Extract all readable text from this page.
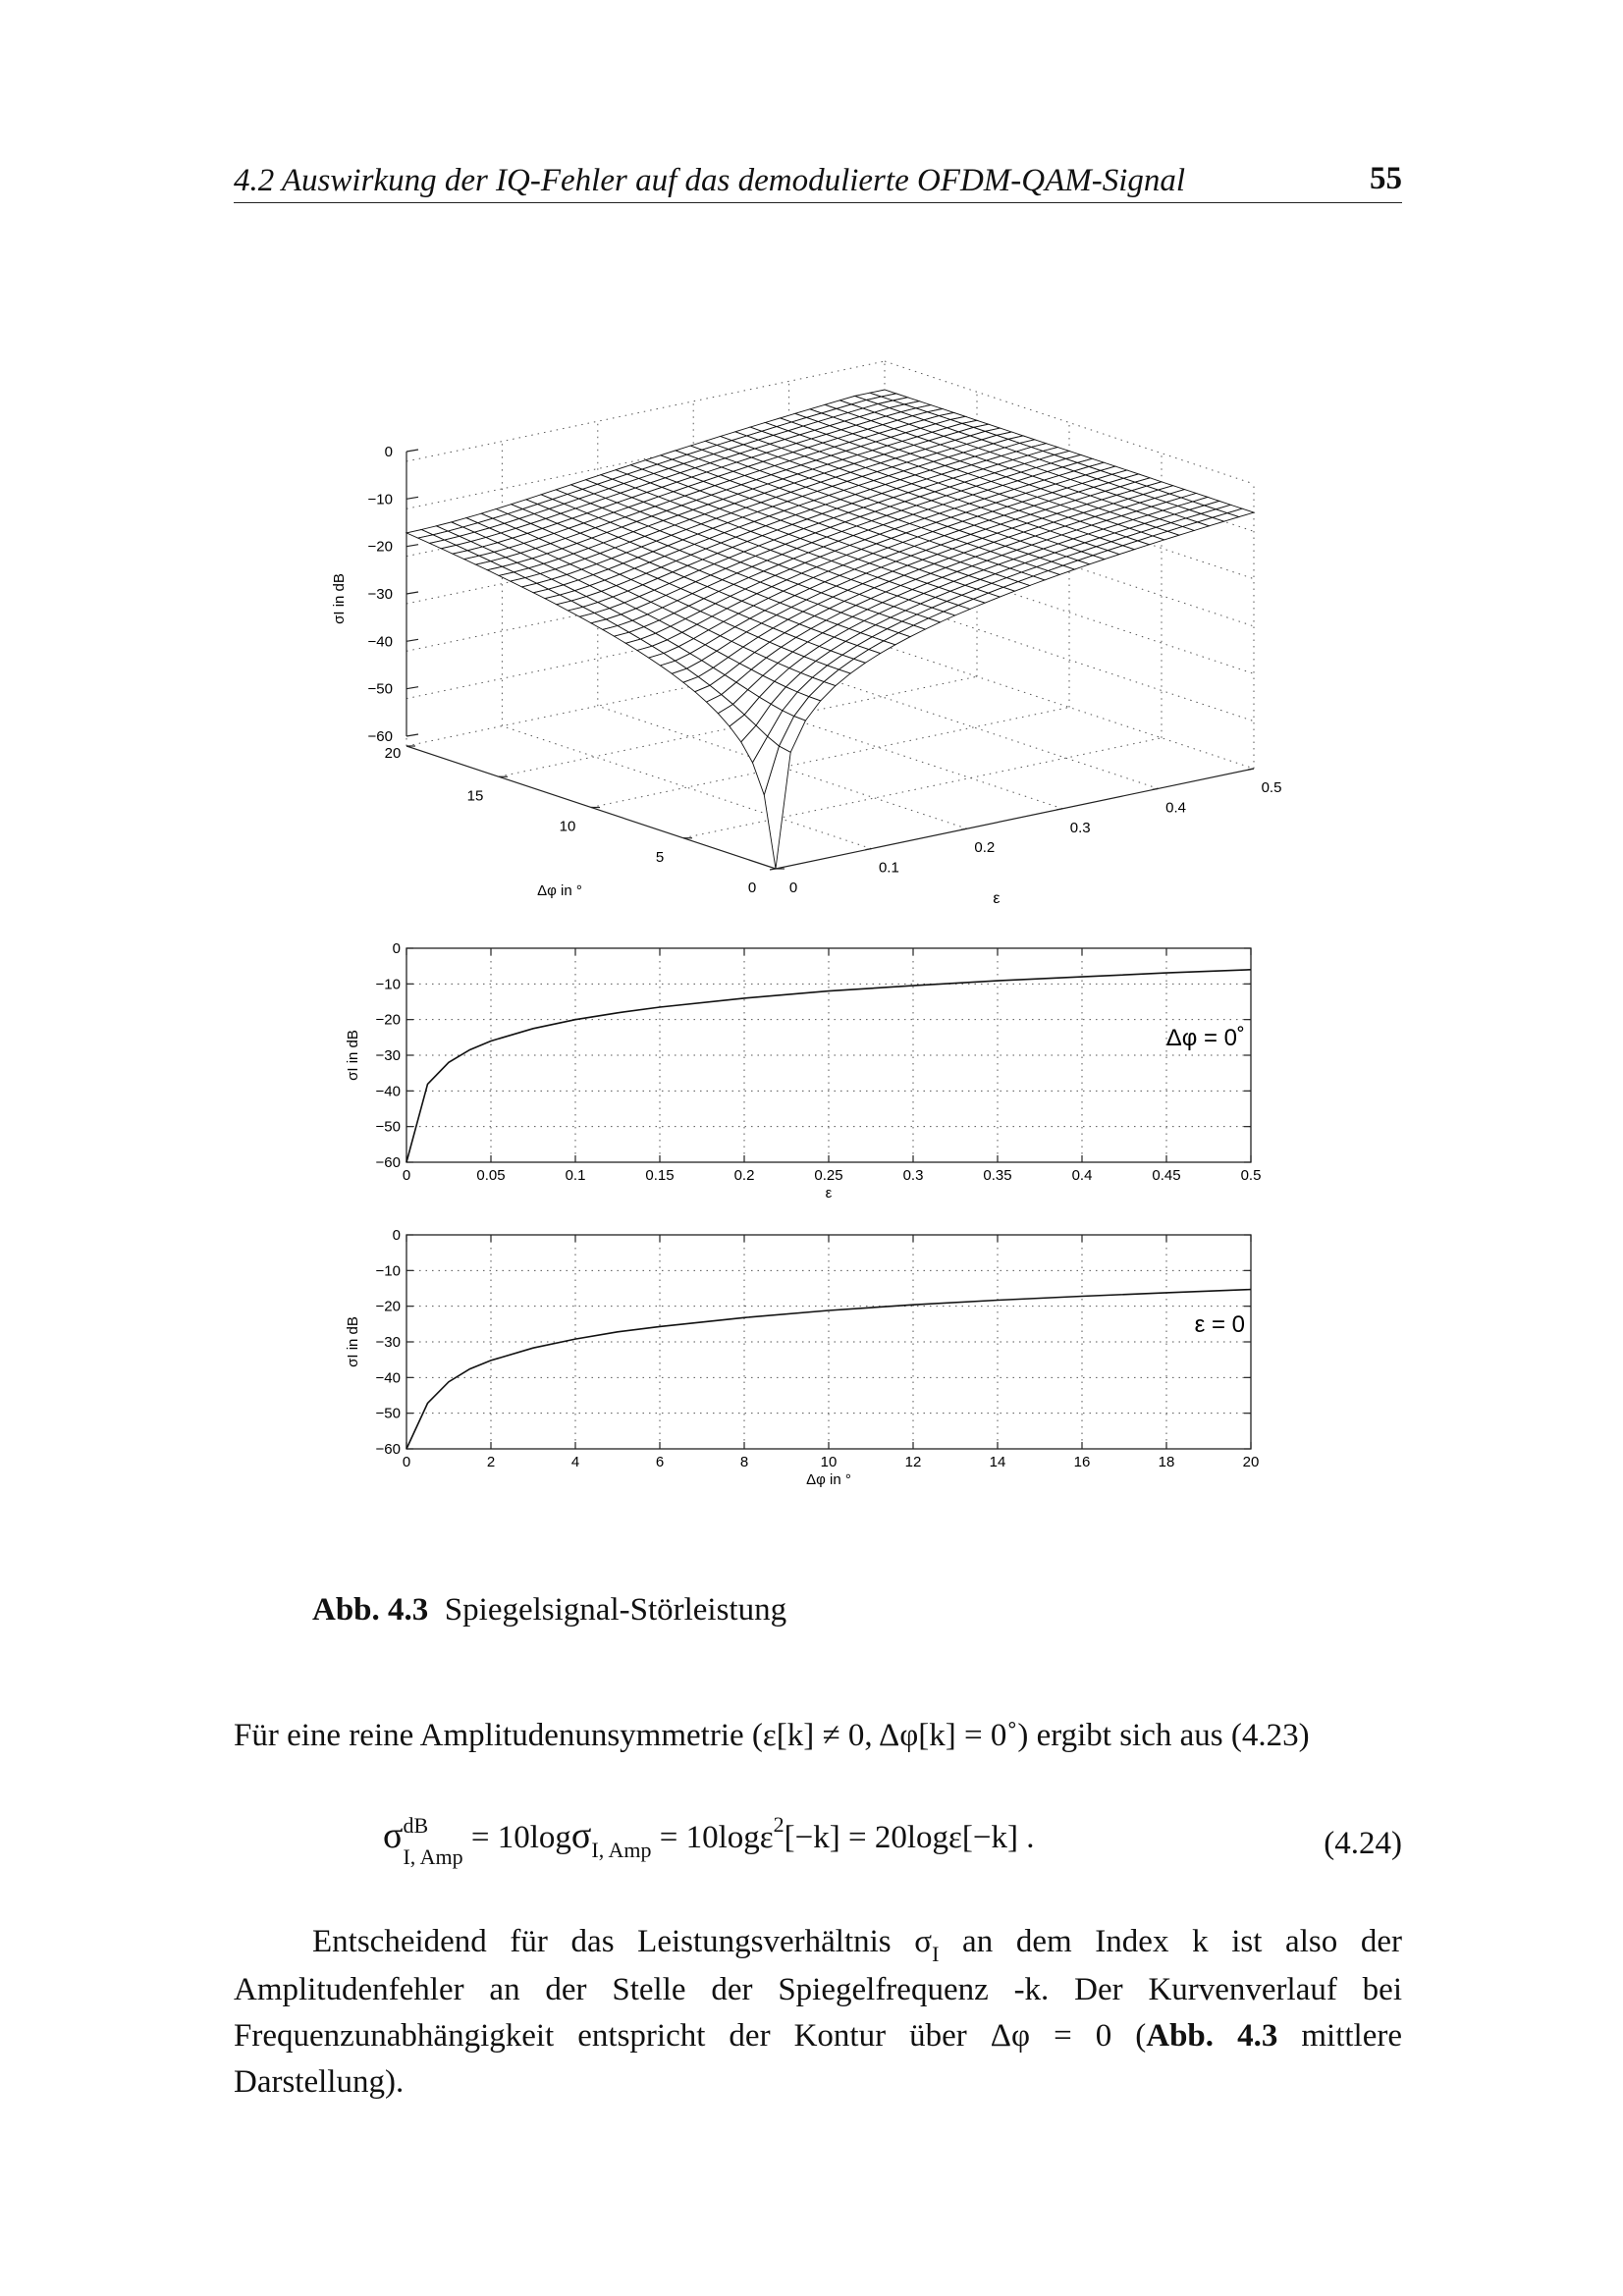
4.2 Auswirkung der IQ-Fehler auf das demodulierte OFDM-QAM-Signal	55
0
−10
−20
−30
−40
−50
−60
σI in dB
0
0.1
0.2
0.3
0.4
0.5
ε
20
15
10
5
0
Δφ in °
0	0.05	0.1	0.15	0.2	0.25	0.3	0.35	0.4	0.45	0.5
0
−10
−20
−30
−40
−50
−60
ε
σI in dB	Δφ = 0˚
0	2	4	6	8	10	12	14	16	18	20
0
−10
−20
−30
−40
−50
−60
Δφ in °
σI in dB	ε = 0
Abb. 4.3 Spiegelsignal-Störleistung
Für eine reine Amplitudenunsymmetrie (ε[k] ≠ 0, Δφ[k] = 0˚) ergibt sich aus (4.23)
σ dB
I, Amp
= 10logσ$_{I, Amp}$ = 10logε$^2$[−k] = 20logε[−k] .	(4.24)
Entscheidend für das Leistungsverhältnis $\sigma_I$ an dem Index k ist also der Amplitudenfehler an der Stelle der Spiegelfrequenz -k. Der Kurvenverlauf bei Frequenzunabhängigkeit entspricht der Kontur über Δφ = 0 (Abb. 4.3 mittlere Darstellung).
